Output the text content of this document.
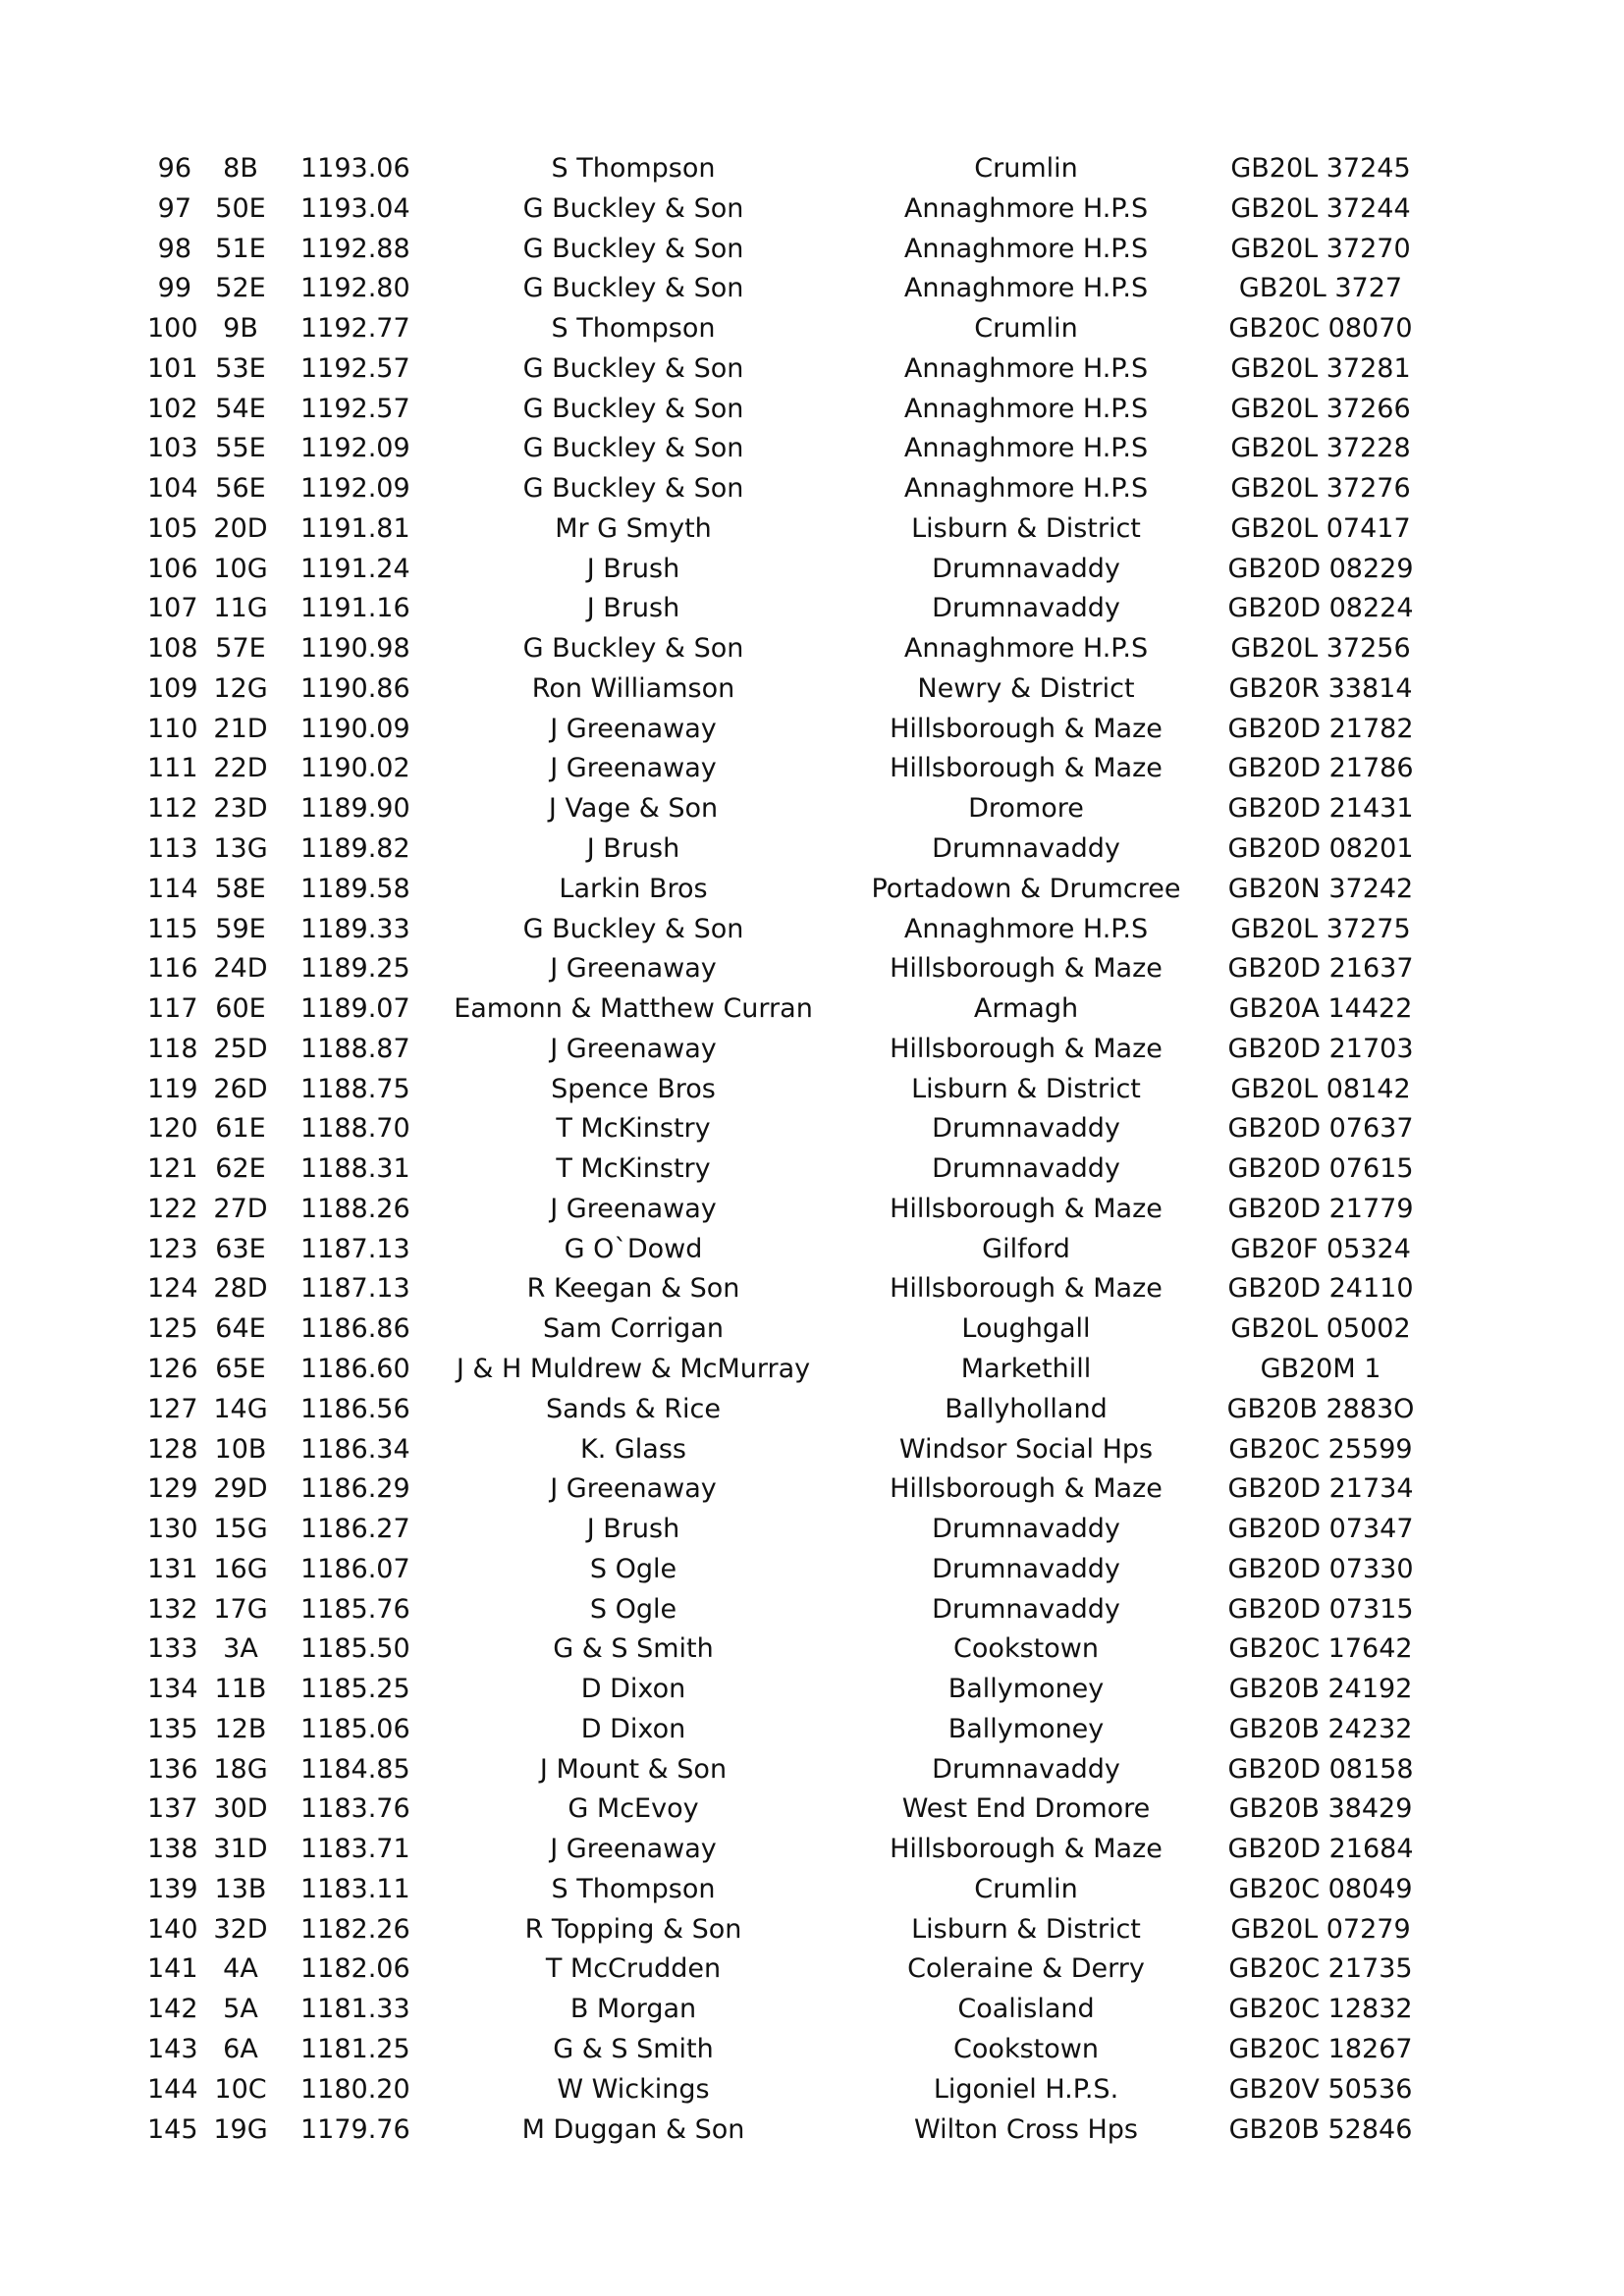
96	8B	1193.06	S Thompson	Crumlin	GB20L 37245
97 50E 1193.04	G Buckley & Son	Annaghmore H.P.S	GB20L 37244
98 51E 1192.88	G Buckley & Son	Annaghmore H.P.S	GB20L 37270
99 52E 1192.80	G Buckley & Son	Annaghmore H.P.S	GB20L 3727
100 9B	1192.77	S Thompson	Crumlin	GB20C 08070
101 53E 1192.57	G Buckley & Son	Annaghmore H.P.S	GB20L 37281
102 54E 1192.57	G Buckley & Son	Annaghmore H.P.S	GB20L 37266
103 55E 1192.09	G Buckley & Son	Annaghmore H.P.S	GB20L 37228
104 56E 1192.09	G Buckley & Son	Annaghmore H.P.S	GB20L 37276
105 20D 1191.81	Mr G Smyth	Lisburn & District	GB20L 07417
106 10G 1191.24	J Brush	Drumnavaddy	GB20D 08229
107 11G 1191.16	J Brush	Drumnavaddy	GB20D 08224
108 57E 1190.98	G Buckley & Son	Annaghmore H.P.S	GB20L 37256
109 12G 1190.86	Ron Williamson	Newry & District	GB20R 33814
110 21D 1190.09	J Greenaway	Hillsborough & Maze	GB20D 21782
111 22D 1190.02	J Greenaway	Hillsborough & Maze	GB20D 21786
112 23D 1189.90	J Vage & Son	Dromore	GB20D 21431
113 13G 1189.82	J Brush	Drumnavaddy	GB20D 08201
114 58E 1189.58	Larkin Bros	Portadown & Drumcree	GB20N 37242
115 59E 1189.33	G Buckley & Son	Annaghmore H.P.S	GB20L 37275
116 24D 1189.25	J Greenaway	Hillsborough & Maze	GB20D 21637
117 60E 1189.07	Eamonn & Matthew Curran	Armagh	GB20A 14422
118 25D 1188.87	J Greenaway	Hillsborough & Maze	GB20D 21703
119 26D 1188.75	Spence Bros	Lisburn & District	GB20L 08142
120 61E 1188.70	T McKinstry	Drumnavaddy	GB20D 07637
121 62E 1188.31	T McKinstry	Drumnavaddy	GB20D 07615
122 27D 1188.26	J Greenaway	Hillsborough & Maze	GB20D 21779
123 63E 1187.13	G O`Dowd	Gilford	GB20F 05324
124 28D 1187.13	R Keegan & Son	Hillsborough & Maze	GB20D 24110
125 64E 1186.86	Sam Corrigan	Loughgall	GB20L 05002
126 65E 1186.60	J & H Muldrew & McMurray	Markethill	GB20M 1
127 14G 1186.56	Sands & Rice	Ballyholland	GB20B 2883O
128 10B 1186.34	K. Glass	Windsor Social Hps	GB20C 25599
129 29D 1186.29	J Greenaway	Hillsborough & Maze	GB20D 21734
130 15G 1186.27	J Brush	Drumnavaddy	GB20D 07347
131 16G 1186.07	S Ogle	Drumnavaddy	GB20D 07330
132 17G 1185.76	S Ogle	Drumnavaddy	GB20D 07315
133 3A	1185.50	G & S Smith	Cookstown	GB20C 17642
134 11B 1185.25	D Dixon	Ballymoney	GB20B 24192
135 12B 1185.06	D Dixon	Ballymoney	GB20B 24232
136 18G 1184.85	J Mount & Son	Drumnavaddy	GB20D 08158
137 30D 1183.76	G McEvoy	West End Dromore	GB20B 38429
138 31D 1183.71	J Greenaway	Hillsborough & Maze	GB20D 21684
139 13B 1183.11	S Thompson	Crumlin	GB20C 08049
140 32D 1182.26	R Topping & Son	Lisburn & District	GB20L 07279
141 4A	1182.06	T McCrudden	Coleraine & Derry	GB20C 21735
142 5A	1181.33	B Morgan	Coalisland	GB20C 12832
143 6A	1181.25	G & S Smith	Cookstown	GB20C 18267
144 10C 1180.20	W Wickings	Ligoniel H.P.S.	GB20V 50536
145 19G 1179.76	M Duggan & Son	Wilton Cross Hps	GB20B 52846
